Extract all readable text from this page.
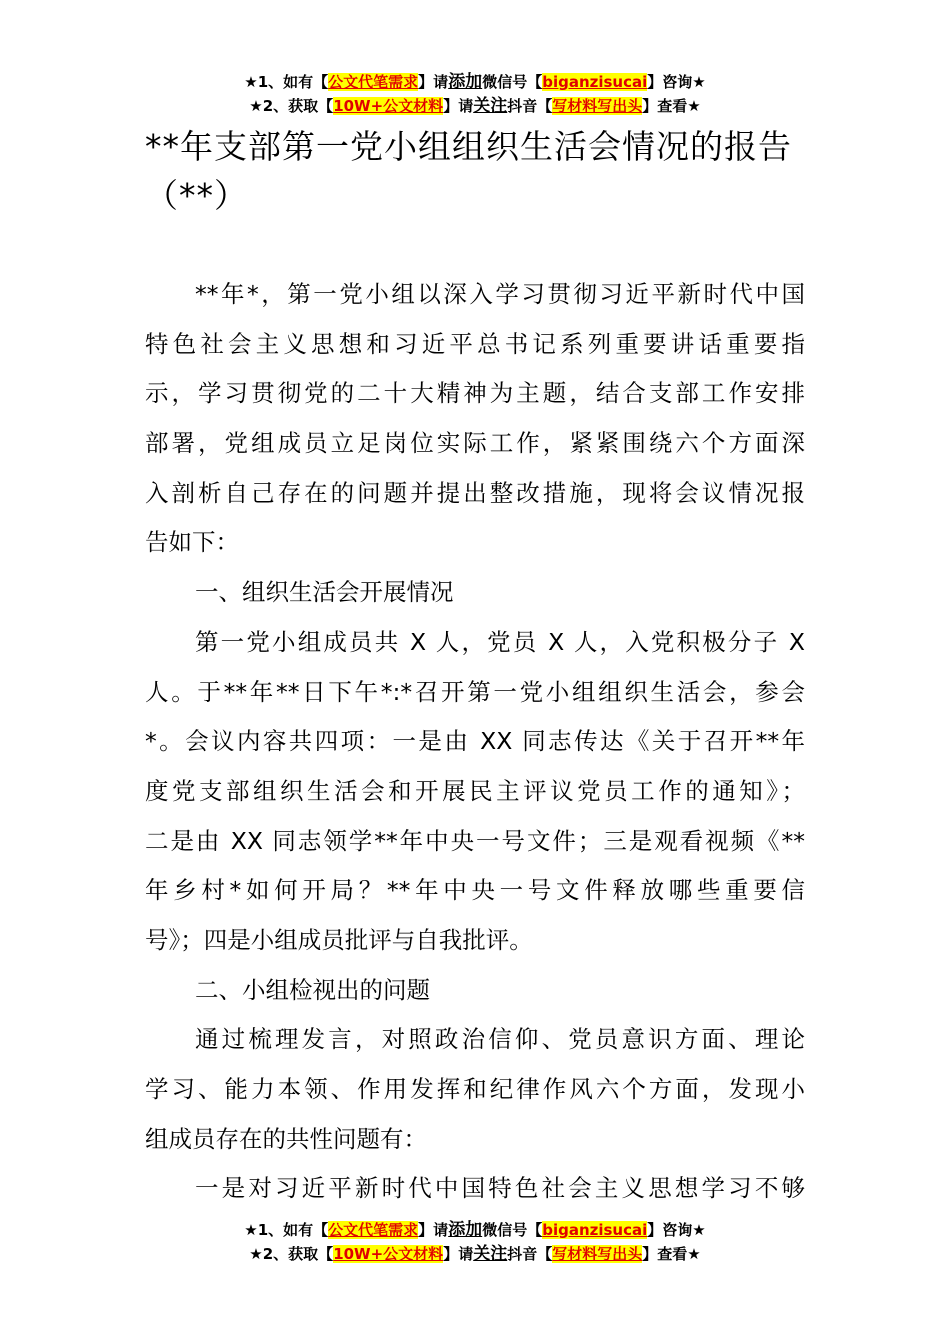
★1、如有【公文代笔需求】请添加微信号【biganzisucai】咨询★
★2、获取【10W+公文材料】请关注抖音【写材料写出头】查看★
**年支部第一党小组组织生活会情况的报告（**）
**年*，第一党小组以深入学习贯彻习近平新时代中国
特色社会主义思想和习近平总书记系列重要讲话重要指
示，学习贯彻党的二十大精神为主题，结合支部工作安排
部署，党组成员立足岗位实际工作，紧紧围绕六个方面深
入剖析自己存在的问题并提出整改措施，现将会议情况报
告如下：
一、组织生活会开展情况
第一党小组成员共 X 人，党员 X 人，入党积极分子 X
人。于**年**日下午*:*召开第一党小组组织生活会，参会
*。会议内容共四项：一是由 XX 同志传达《关于召开**年
度党支部组织生活会和开展民主评议党员工作的通知》；
二是由 XX 同志领学**年中央一号文件；三是观看视频《**
年乡村*如何开局？**年中央一号文件释放哪些重要信
号》；四是小组成员批评与自我批评。
二、小组检视出的问题
通过梳理发言，对照政治信仰、党员意识方面、理论
学习、能力本领、作用发挥和纪律作风六个方面，发现小
组成员存在的共性问题有：
一是对习近平新时代中国特色社会主义思想学习不够
★1、如有【公文代笔需求】请添加微信号【biganzisucai】咨询★
★2、获取【10W+公文材料】请关注抖音【写材料写出头】查看★
